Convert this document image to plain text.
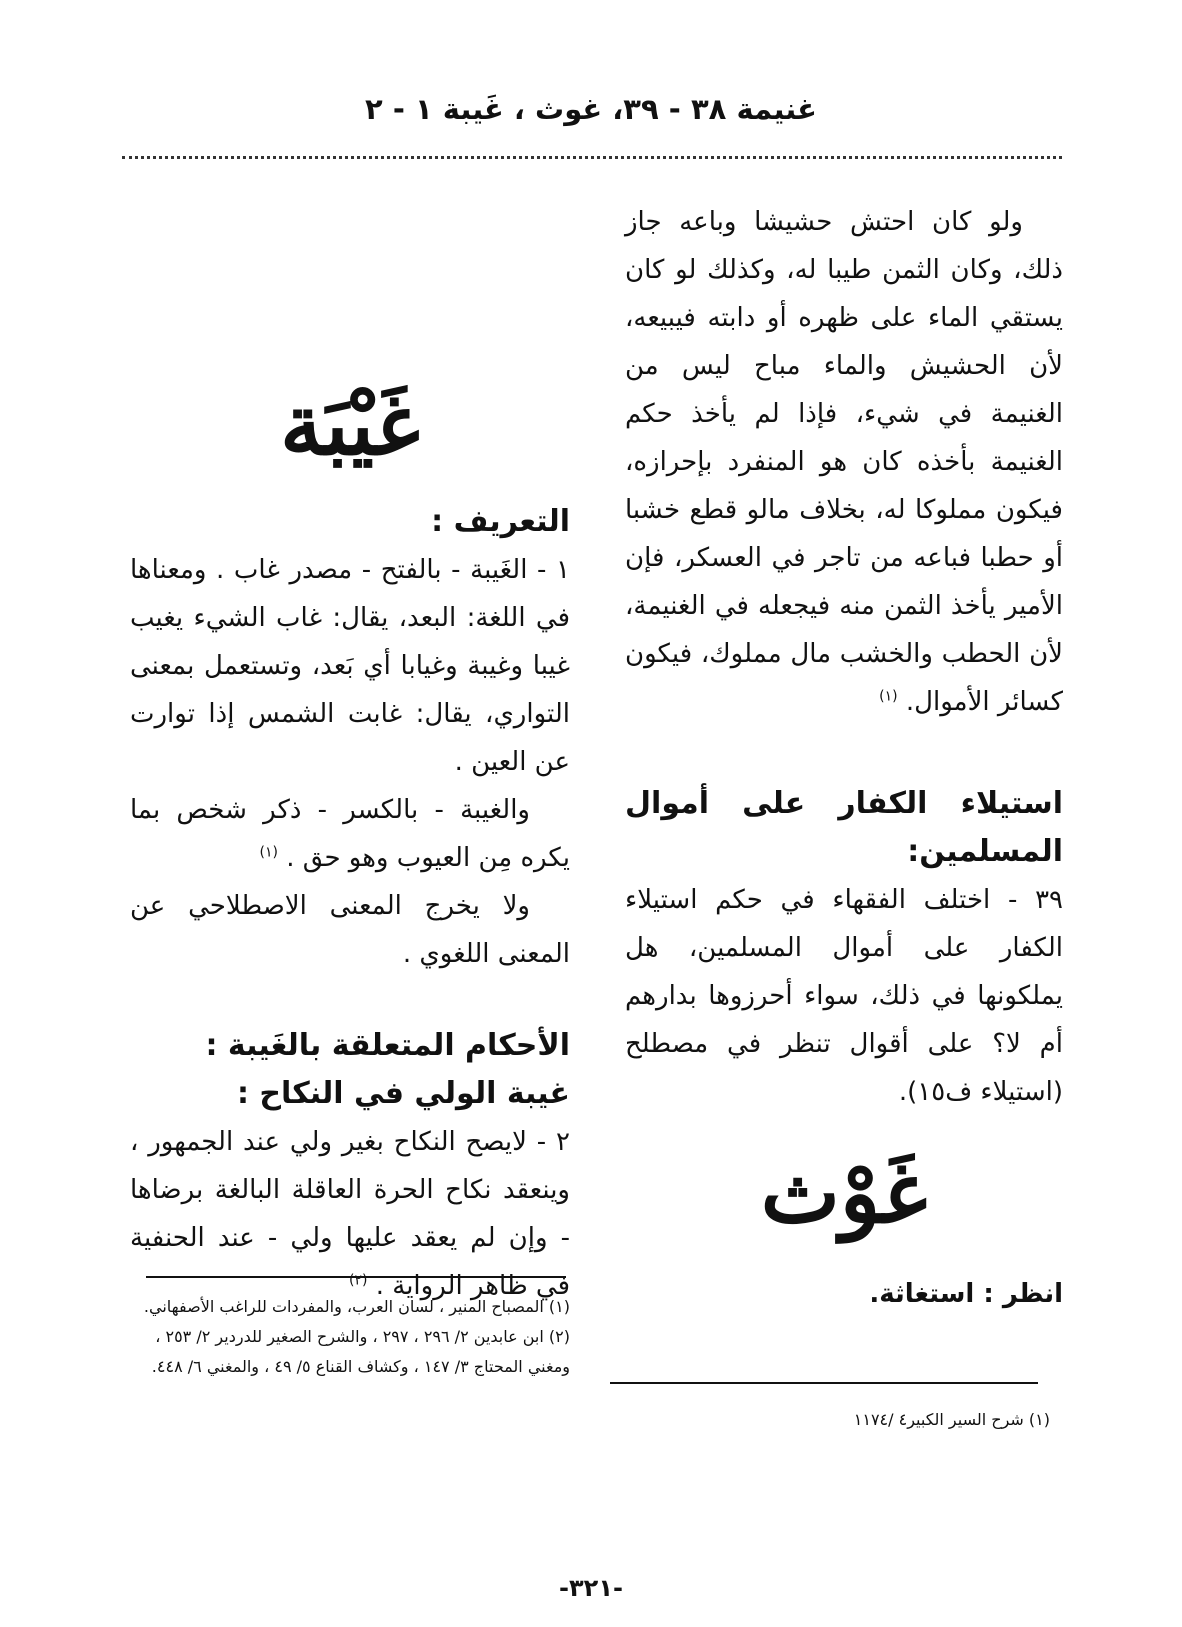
غنيمة ٣٨ - ٣٩، غوث ، غَيبة ١ - ٢

ولو كان احتش حشيشا وباعه جاز ذلك، وكان الثمن طيبا له، وكذلك لو كان يستقي الماء على ظهره أو دابته فيبيعه، لأن الحشيش والماء مباح ليس من الغنيمة في شيء، فإذا لم يأخذ حكم الغنيمة بأخذه كان هو المنفرد بإحرازه، فيكون مملوكا له، بخلاف مالو قطع خشبا أو حطبا فباعه من تاجر في العسكر، فإن الأمير يأخذ الثمن منه فيجعله في الغنيمة، لأن الحطب والخشب مال مملوك، فيكون كسائر الأموال. $^{(١)}$

استيلاء الكفار على أموال المسلمين:

٣٩ - اختلف الفقهاء في حكم استيلاء الكفار على أموال المسلمين، هل يملكونها في ذلك، سواء أحرزوها بدارهم أم لا؟ على أقوال تنظر في مصطلح (استيلاء ف١٥).

غَوْث

انظر : استغاثة.

(١) شرح السير الكبير٤ /١١٧٤
غَيْبَة

التعريف :

١ - الغَيبة - بالفتح - مصدر غاب . ومعناها في اللغة: البعد، يقال: غاب الشيء يغيب غيبا وغيبة وغيابا أي بَعد، وتستعمل بمعنى التواري، يقال: غابت الشمس إذا توارت عن العين .

والغيبة - بالكسر - ذكر شخص بما يكره مِن العيوب وهو حق . $^{(١)}$

ولا يخرج المعنى الاصطلاحي عن المعنى اللغوي .

الأحكام المتعلقة بالغَيبة :

غيبة الولي في النكاح :

٢ - لايصح النكاح بغير ولي عند الجمهور ، وينعقد نكاح الحرة العاقلة البالغة برضاها - وإن لم يعقد عليها ولي - عند الحنفية في ظاهر الرواية . $^{(٢)}$

(١) المصباح المنير ، لسان العرب، والمفردات للراغب الأصفهاني.
(٢) ابن عابدين ٢/ ٢٩٦ ، ٢٩٧ ، والشرح الصغير للدردير ٢/ ٢٥٣ ، ومغني المحتاج ٣/ ١٤٧ ، وكشاف القناع ٥/ ٤٩ ، والمغني ٦/ ٤٤٨.
-٣٢١-
